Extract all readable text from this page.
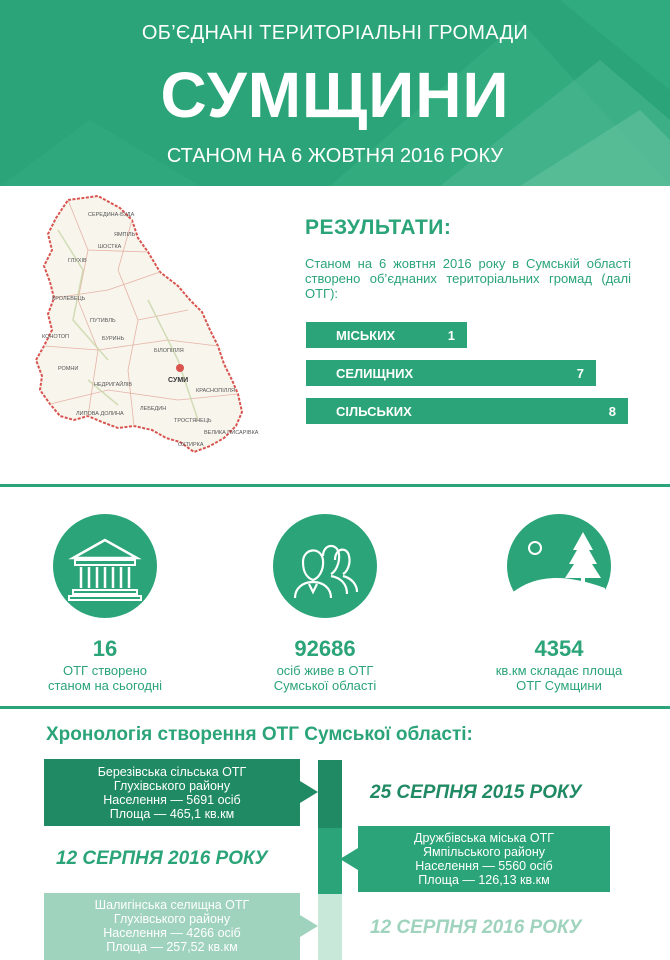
ОБ’ЄДНАНІ ТЕРИТОРІАЛЬНІ ГРОМАДИ
СУМЩИНИ
СТАНОМ НА 6 ЖОВТНЯ 2016 РОКУ
СЕРЕДИНА-БУДА
ЯМПІЛЬ
ШОСТКА
ГЛУХІВ
КРОЛЕВЕЦЬ
ПУТИВЛЬ
КОНОТОП	БУРИНЬ
БІЛОПІЛЛЯ
СУМИ
РОМНИ
ЛИПОВА ДОЛИНА
ЛЕБЕДИН
ТРОСТЯНЕЦЬ
ОХТИРКА
НЕДРИГАЙЛІВ
КРАСНОПІЛЛЯ
ВЕЛИКА ПИСАРІВКА
РЕЗУЛЬТАТИ:
Станом на 6 жовтня 2016 року в Сумській області створено об’єднаних територіальних громад (далі ОТГ):
МІСЬКИХ	1
СЕЛИЩНИХ	7
СІЛЬСЬКИХ	8
16
ОТГ створено
станом на сьогодні
92686
осіб живе в ОТГ
Сумської області
4354
кв.км складає площа
ОТГ Сумщини
Хронологія створення ОТГ Сумської області:
Березівська сільська ОТГ
Глухівського району
Населення — 5691 осіб
Площа — 465,1 кв.км
25 СЕРПНЯ 2015 РОКУ
Дружбівська міська ОТГ
Ямпільського району
Населення — 5560 осіб
Площа — 126,13 кв.км
12 СЕРПНЯ 2016 РОКУ
Шалигінська селищна ОТГ
Глухівського району
Населення — 4266 осіб
Площа — 257,52 кв.км
12 СЕРПНЯ 2016 РОКУ
